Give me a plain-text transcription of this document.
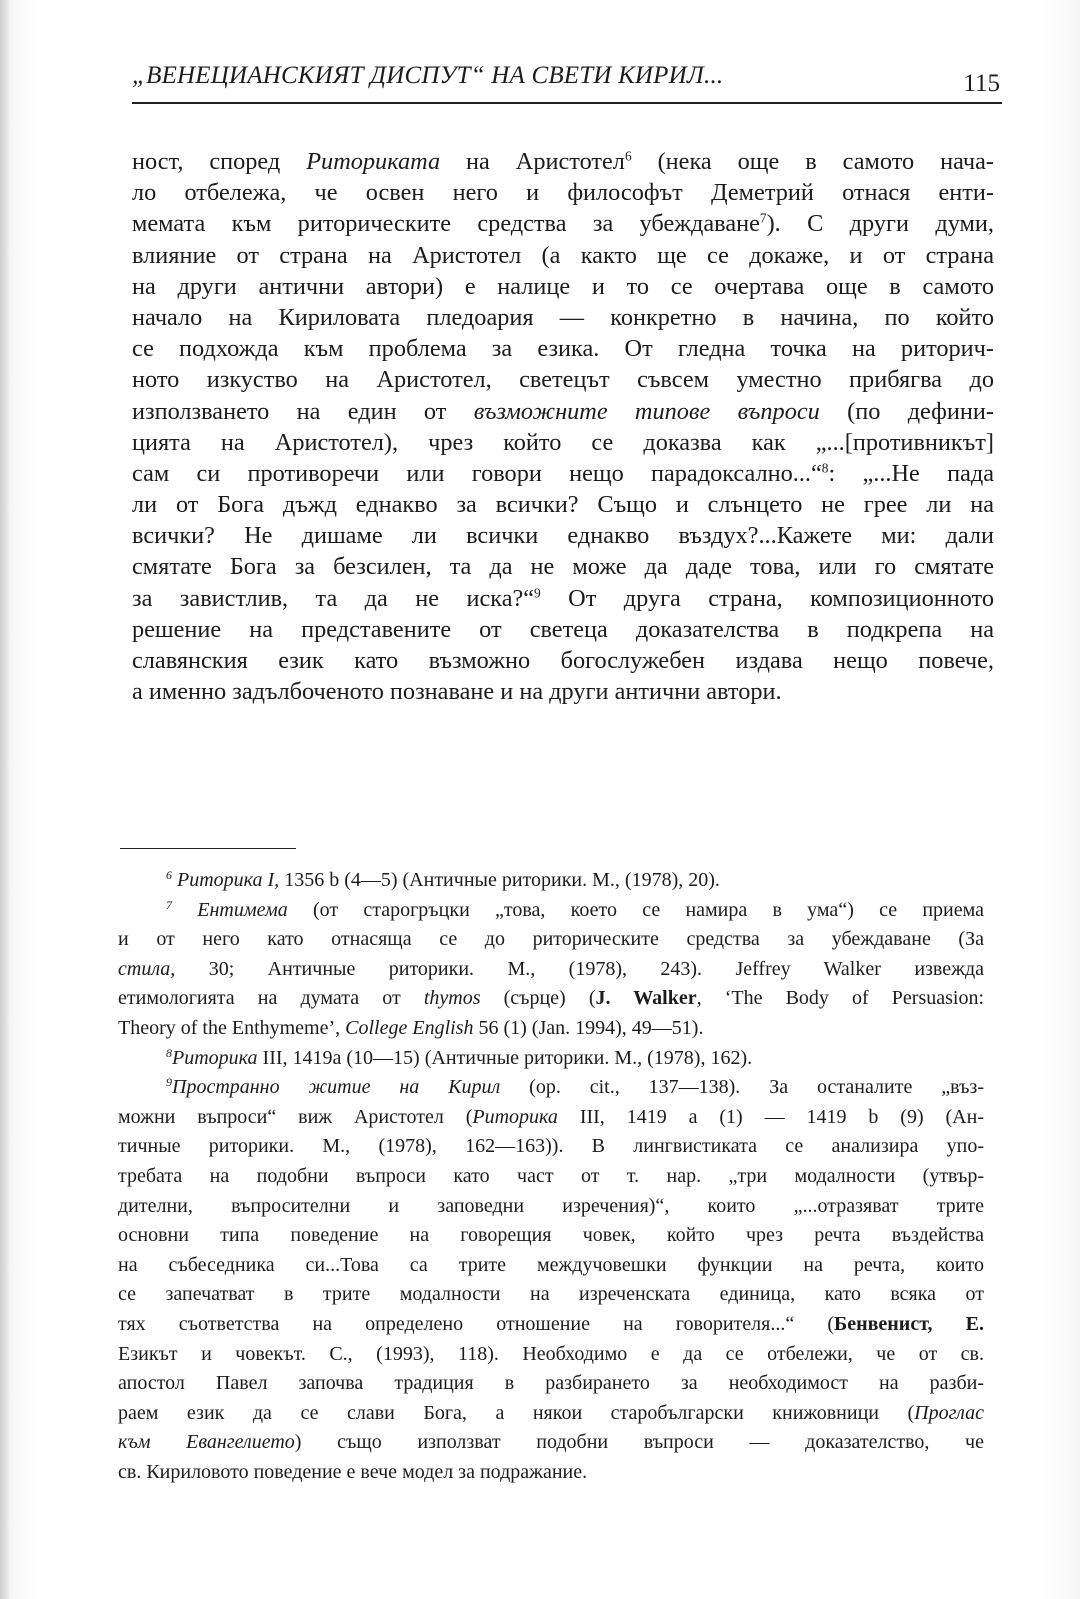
„ВЕНЕЦИАНСКИЯТ ДИСПУТ“ НА СВЕТИ КИРИЛ...	115
ност, според Риториката на Аристотел$^6$ (нека още в самото нача-
ло отбележа, че освен него и философът Деметрий отнася енти-
мемата към риторическите средства за убеждаване$^7$). С други думи,
влияние от страна на Аристотел (а както ще се докаже, и от страна
на други антични автори) е налице и то се очертава още в самото
начало на Кириловата пледоария — конкретно в начина, по който
се подхожда към проблема за езика. От гледна точка на риторич-
ното изкуство на Аристотел, светецът съвсем уместно прибягва до
използването на един от възможните типове въпроси (по дефини-
цията на Аристотел), чрез който се доказва как „...[противникът]
сам си противоречи или говори нещо парадоксално...“$^8$: „...Не пада
ли от Бога дъжд еднакво за всички? Също и слънцето не грее ли на
всички? Не дишаме ли всички еднакво въздух?...Кажете ми: дали
смятате Бога за безсилен, та да не може да даде това, или го смятате
за завистлив, та да не иска?“$^9$ От друга страна, композиционното
решение на представените от светеца доказателства в подкрепа на
славянския език като възможно богослужебен издава нещо повече,
а именно задълбоченото познаване и на други антични автори.
$^6$ Риторика I, 1356 b (4—5) (Античные риторики. М., (1978), 20).
$^7$ Ентимема (от старогръцки „това, което се намира в ума“) се приема
и от него като отнасяща се до риторическите средства за убеждаване (За
стила, 30; Античные риторики. М., (1978), 243). Jeffrey Walker извежда
етимологията на думата от thymos (сърце) (J. Walker, ‘The Body of Persuasion:
Theory of the Enthymeme’, College English 56 (1) (Jan. 1994), 49—51).
$^8$Риторика III, 1419a (10—15) (Античные риторики. М., (1978), 162).
$^9$Пространно житие на Кирил (op. cit., 137—138). За останалите „въз-
можни въпроси“ виж Аристотел (Риторика III, 1419 a (1) — 1419 b (9) (Ан-
тичные риторики. М., (1978), 162—163)). В лингвистиката се анализира упо-
требата на подобни въпроси като част от т. нар. „три модалности (утвър-
дителни, въпросителни и заповедни изречения)“, които „...отразяват трите
основни типа поведение на говорещия човек, който чрез речта въздейства
на събеседника си...Това са трите междучовешки функции на речта, които
се запечатват в трите модалности на изреченската единица, като всяка от
тях съответства на определено отношение на говорителя...“ (Бенвенист, Е.
Езикът и човекът. С., (1993), 118). Необходимо е да се отбележи, че от св.
апостол Павел започва традиция в разбирането за необходимост на разби-
раем език да се слави Бога, а някои старобългарски книжовници (Проглас
към Евангелието) също използват подобни въпроси — доказателство, че
св. Кириловото поведение е вече модел за подражание.
